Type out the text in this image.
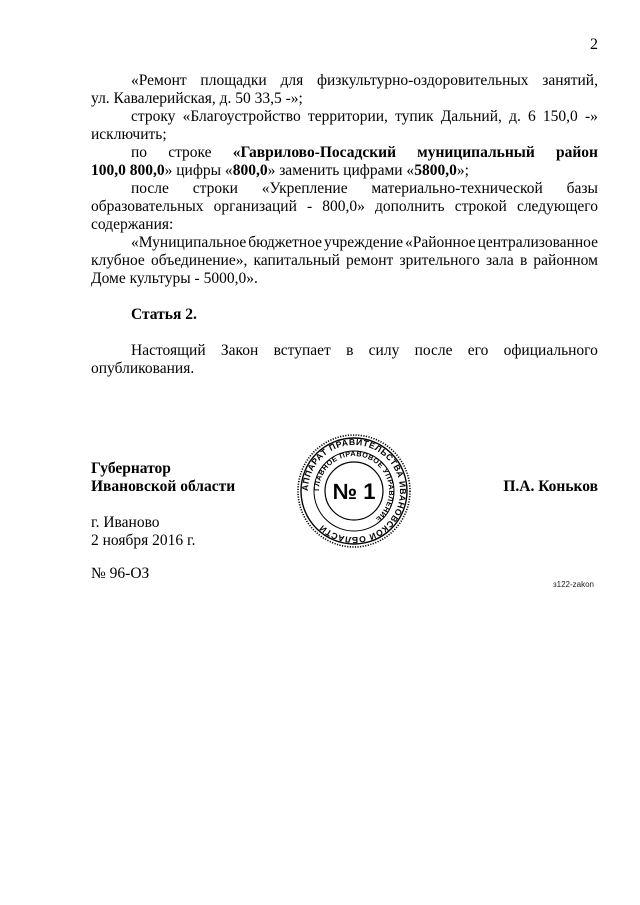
2
«Ремонт площадки для физкультурно-оздоровительных занятий,
ул. Кавалерийская, д. 50 33,5 -»;
строку «Благоустройство территории, тупик Дальний, д. 6 150,0 -»
исключить;
по строке «Гаврилово-Посадский муниципальный район
100,0 800,0» цифры «800,0» заменить цифрами «5800,0»;
после строки «Укрепление материально-технической базы
образовательных организаций - 800,0» дополнить строкой следующего
содержания:
«Муниципальное бюджетное учреждение «Районное централизованное
клубное объединение», капитальный ремонт зрительного зала в районном
Доме культуры - 5000,0».
Статья 2.
Настоящий Закон вступает в силу после его официального
опубликования.
Губернатор
Ивановской области	П.А. Коньков
г. Иваново
2 ноября 2016 г.
№ 96-ОЗ
з122-zakon
АППАРАТ ПРАВИТЕЛЬСТВА ИВАНОВСКОЙ ОБЛАСТИ
ГЛАВНОЕ ПРАВОВОЕ УПРАВЛЕНИЕ
№ 1
